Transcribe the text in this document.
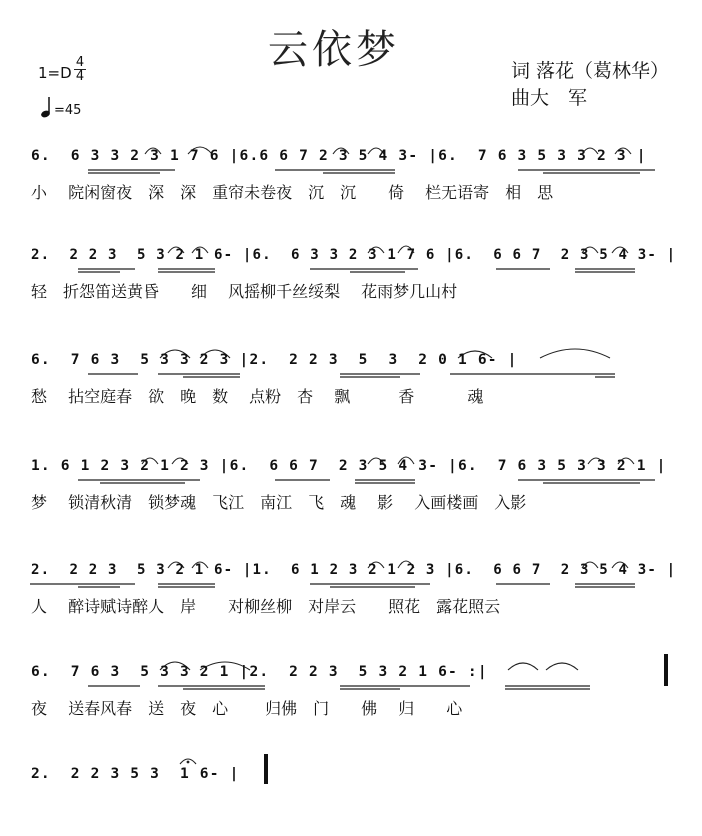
云依梦
$1=D \frac{4}{4}$
=45
词 落花（葛林华）
曲大　军
6.  6 3 3 2 3 1 7 6 |6.6 6 7 2 3 5 4 3- |6.  7 6 3 5 3 3 2 3 |
小　 院闲窗夜　深　深　重帘未卷夜　沉　沉　　倚　 栏无语寄　相　思
2.  2 2 3  5 3 2 1 6- |6.  6 3 3 2 3 1 7 6 |6.  6 6 7  2 3 5 4 3- |
轻　折怨笛送黄昏　　细　 风摇柳千丝绥梨　 花雨梦几山村
6.  7 6 3  5 3 3 2 3 |2.  2 2 3  5  3  2 0 1 6- |
愁　 拈空庭春　欲　晚　数　 点粉　杏　 飘　　　香　　　 魂
1. 6 1 2 3 2 1 2 3 |6.  6 6 7  2 3 5 4 3- |6.  7 6 3 5 3 3 2 1 |
梦　 锁清秋清　锁梦魂　飞江　南江　飞　魂　 影　 入画楼画　入影
2.  2 2 3  5 3 2 1 6- |1.  6 1 2 3 2 1 2 3 |6.  6 6 7  2 3 5 4 3- |
人　 醉诗赋诗醉人　岸　　对柳丝柳　对岸云　　照花　露花照云
6.  7 6 3  5 3 3 2 1 |2.  2 2 3  5 3 2 1 6- :|
夜　 送春风春　送　夜　心　　 归佛　门　　佛　 归　　心
2.  2 2 3 5 3  1 6- |
